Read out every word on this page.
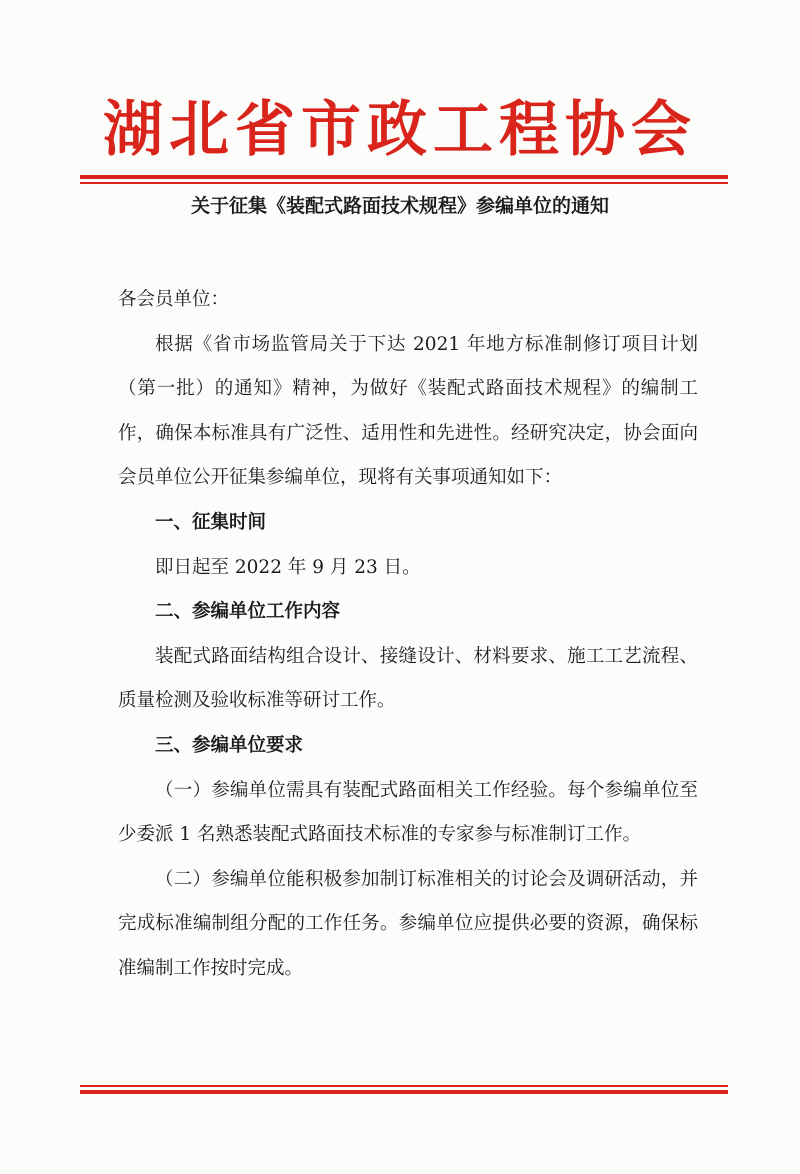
湖北省市政工程协会
关于征集《装配式路面技术规程》参编单位的通知

各会员单位：

根据《省市场监管局关于下达 2021 年地方标准制修订项目计划（第一批）的通知》精神，为做好《装配式路面技术规程》的编制工作，确保本标准具有广泛性、适用性和先进性。经研究决定，协会面向会员单位公开征集参编单位，现将有关事项通知如下：

一、征集时间

即日起至 2022 年 9 月 23 日。

二、参编单位工作内容

装配式路面结构组合设计、接缝设计、材料要求、施工工艺流程、质量检测及验收标准等研讨工作。

三、参编单位要求

（一）参编单位需具有装配式路面相关工作经验。每个参编单位至少委派 1 名熟悉装配式路面技术标准的专家参与标准制订工作。

（二）参编单位能积极参加制订标准相关的讨论会及调研活动，并完成标准编制组分配的工作任务。参编单位应提供必要的资源，确保标准编制工作按时完成。
